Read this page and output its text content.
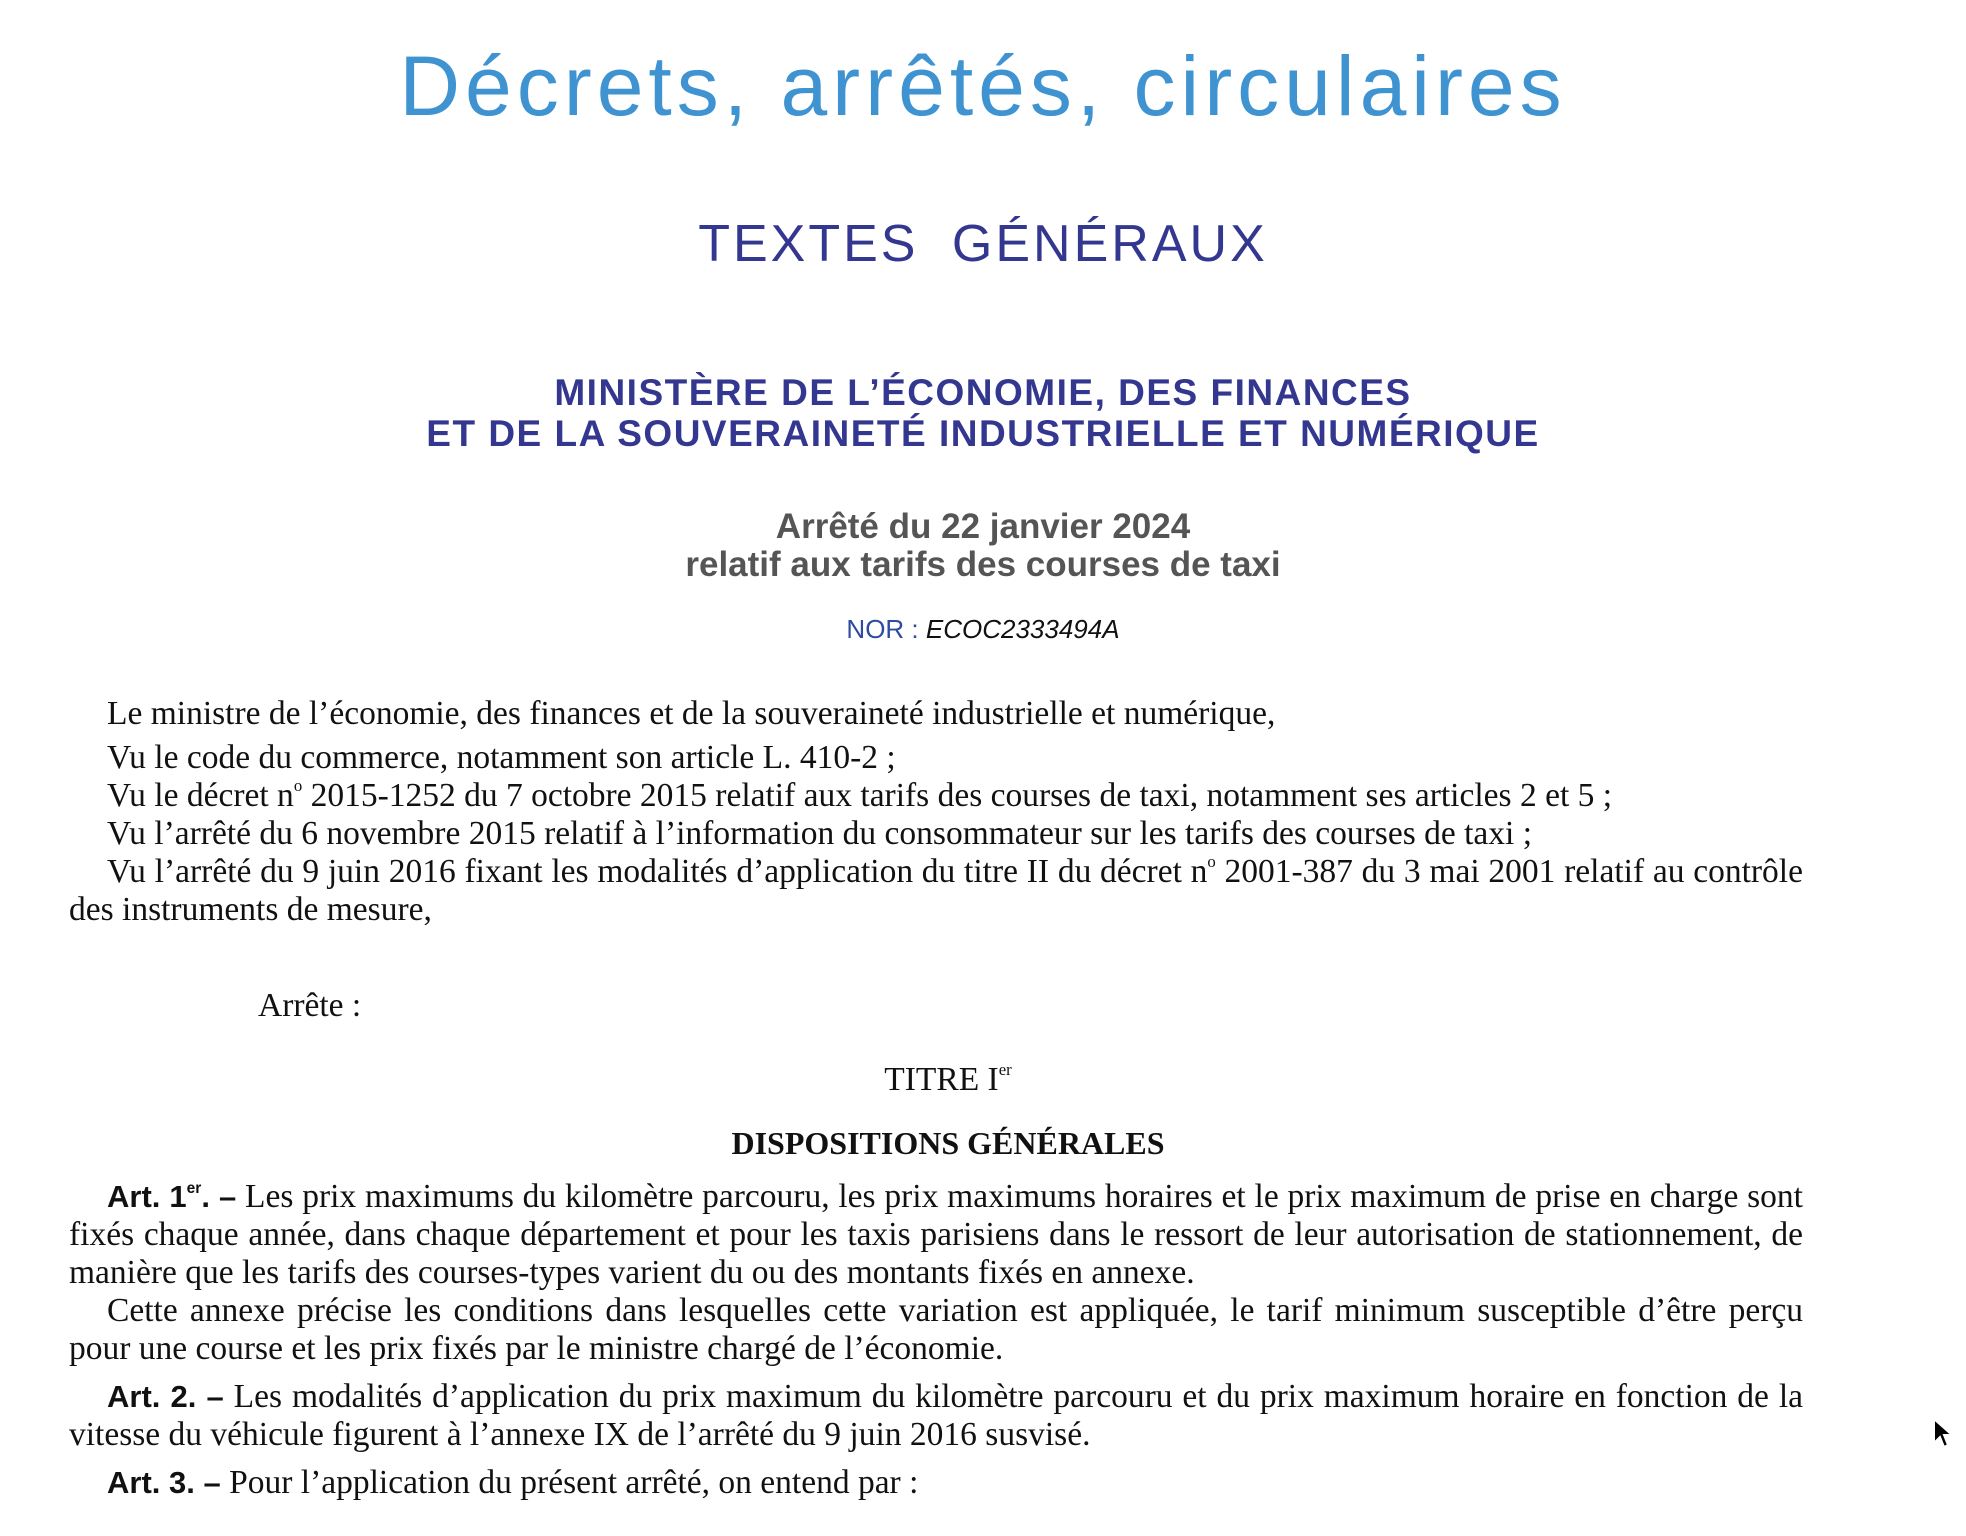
Décrets, arrêtés, circulaires
TEXTES GÉNÉRAUX
MINISTÈRE DE L’ÉCONOMIE, DES FINANCES
ET DE LA SOUVERAINETÉ INDUSTRIELLE ET NUMÉRIQUE
Arrêté du 22 janvier 2024
relatif aux tarifs des courses de taxi
NOR : ECOC2333494A

Le ministre de l’économie, des finances et de la souveraineté industrielle et numérique,

Vu le code du commerce, notamment son article L. 410-2 ;

Vu le décret $n^o$ 2015-1252 du 7 octobre 2015 relatif aux tarifs des courses de taxi, notamment ses articles 2 et 5 ;

Vu l’arrêté du 6 novembre 2015 relatif à l’information du consommateur sur les tarifs des courses de taxi ;

Vu l’arrêté du 9 juin 2016 fixant les modalités d’application du titre II du décret $n^o$ 2001-387 du 3 mai 2001 relatif au contrôle des instruments de mesure,

Arrête :
TITRE Ier
DISPOSITIONS GÉNÉRALES

Art. 1er. – Les prix maximums du kilomètre parcouru, les prix maximums horaires et le prix maximum de prise en charge sont fixés chaque année, dans chaque département et pour les taxis parisiens dans le ressort de leur autorisation de stationnement, de manière que les tarifs des courses-types varient du ou des montants fixés en annexe.

Cette annexe précise les conditions dans lesquelles cette variation est appliquée, le tarif minimum susceptible d’être perçu pour une course et les prix fixés par le ministre chargé de l’économie.

Art. 2. – Les modalités d’application du prix maximum du kilomètre parcouru et du prix maximum horaire en fonction de la vitesse du véhicule figurent à l’annexe IX de l’arrêté du 9 juin 2016 susvisé.

Art. 3. – Pour l’application du présent arrêté, on entend par :
